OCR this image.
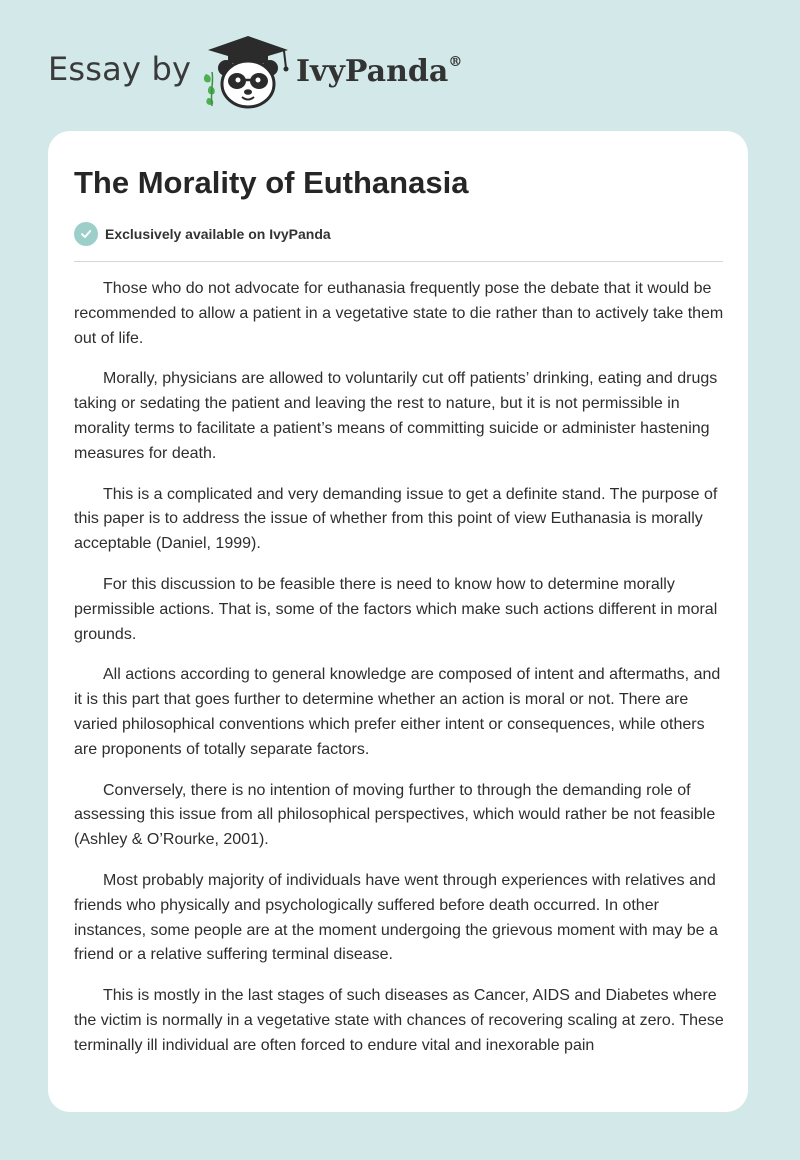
Essay by	IvyPanda®
The Morality of Euthanasia
Exclusively available on IvyPanda

Those who do not advocate for euthanasia frequently pose the debate that it would be recommended to allow a patient in a vegetative state to die rather than to actively take them out of life.

Morally, physicians are allowed to voluntarily cut off patients’ drinking, eating and drugs taking or sedating the patient and leaving the rest to nature, but it is not permissible in morality terms to facilitate a patient’s means of committing suicide or administer hastening measures for death.

This is a complicated and very demanding issue to get a definite stand. The purpose of this paper is to address the issue of whether from this point of view Euthanasia is morally acceptable (Daniel, 1999).

For this discussion to be feasible there is need to know how to determine morally permissible actions. That is, some of the factors which make such actions different in moral grounds.

All actions according to general knowledge are composed of intent and aftermaths, and it is this part that goes further to determine whether an action is moral or not. There are varied philosophical conventions which prefer either intent or consequences, while others are proponents of totally separate factors.

Conversely, there is no intention of moving further to through the demanding role of assessing this issue from all philosophical perspectives, which would rather be not feasible (Ashley & O’Rourke, 2001).

Most probably majority of individuals have went through experiences with relatives and friends who physically and psychologically suffered before death occurred. In other instances, some people are at the moment undergoing the grievous moment with may be a friend or a relative suffering terminal disease.

This is mostly in the last stages of such diseases as Cancer, AIDS and Diabetes where the victim is normally in a vegetative state with chances of recovering scaling at zero. These terminally ill individual are often forced to endure vital and inexorable pain
